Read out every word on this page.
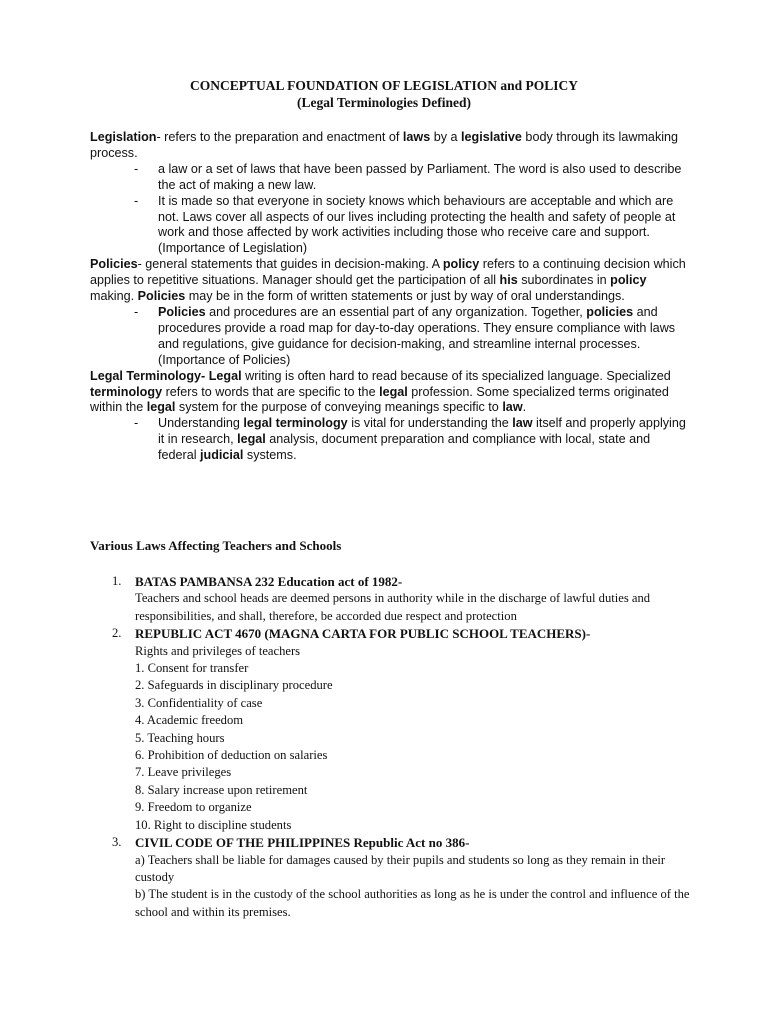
CONCEPTUAL FOUNDATION OF LEGISLATION and POLICY
(Legal Terminologies Defined)

Legislation- refers to the preparation and enactment of laws by a legislative body through its lawmaking process.

- a law or a set of laws that have been passed by Parliament. The word is also used to describe the act of making a new law.

- It is made so that everyone in society knows which behaviours are acceptable and which are not. Laws cover all aspects of our lives including protecting the health and safety of people at work and those affected by work activities including those who receive care and support. (Importance of Legislation)

Policies- general statements that guides in decision-making. A policy refers to a continuing decision which applies to repetitive situations. Manager should get the participation of all his subordinates in policy making. Policies may be in the form of written statements or just by way of oral understandings.

- Policies and procedures are an essential part of any organization. Together, policies and procedures provide a road map for day-to-day operations. They ensure compliance with laws and regulations, give guidance for decision-making, and streamline internal processes. (Importance of Policies)

Legal Terminology- Legal writing is often hard to read because of its specialized language. Specialized terminology refers to words that are specific to the legal profession. Some specialized terms originated within the legal system for the purpose of conveying meanings specific to law.

- Understanding legal terminology is vital for understanding the law itself and properly applying it in research, legal analysis, document preparation and compliance with local, state and federal judicial systems.

Various Laws Affecting Teachers and Schools
1. BATAS PAMBANSA 232 Education act of 1982-
Teachers and school heads are deemed persons in authority while in the discharge of lawful duties and responsibilities, and shall, therefore, be accorded due respect and protection
2. REPUBLIC ACT 4670 (MAGNA CARTA FOR PUBLIC SCHOOL TEACHERS)-
Rights and privileges of teachers
1. Consent for transfer
2. Safeguards in disciplinary procedure
3. Confidentiality of case
4. Academic freedom
5. Teaching hours
6. Prohibition of deduction on salaries
7. Leave privileges
8. Salary increase upon retirement
9. Freedom to organize
10. Right to discipline students
3. CIVIL CODE OF THE PHILIPPINES Republic Act no 386-
a) Teachers shall be liable for damages caused by their pupils and students so long as they remain in their custody
b) The student is in the custody of the school authorities as long as he is under the control and influence of the school and within its premises.
